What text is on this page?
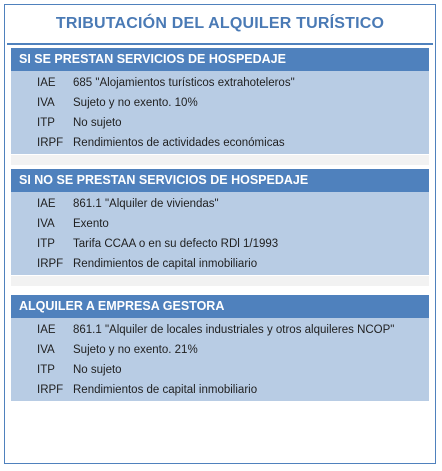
TRIBUTACIÓN DEL ALQUILER TURÍSTICO
SI SE PRESTAN SERVICIOS DE HOSPEDAJE
IAE 685 "Alojamientos turísticos extrahoteleros"
IVA Sujeto y no exento. 10%
ITP No sujeto
IRPF Rendimientos de actividades económicas
SI NO SE PRESTAN SERVICIOS DE HOSPEDAJE
IAE 861.1 "Alquiler de viviendas"
IVA Exento
ITP Tarifa CCAA o en su defecto RDl 1/1993
IRPF Rendimientos de capital inmobiliario
ALQUILER A EMPRESA GESTORA
IAE 861.1 "Alquiler de locales industriales y otros alquileres NCOP"
IVA Sujeto y no exento. 21%
ITP No sujeto
IRPF Rendimientos de capital inmobiliario
